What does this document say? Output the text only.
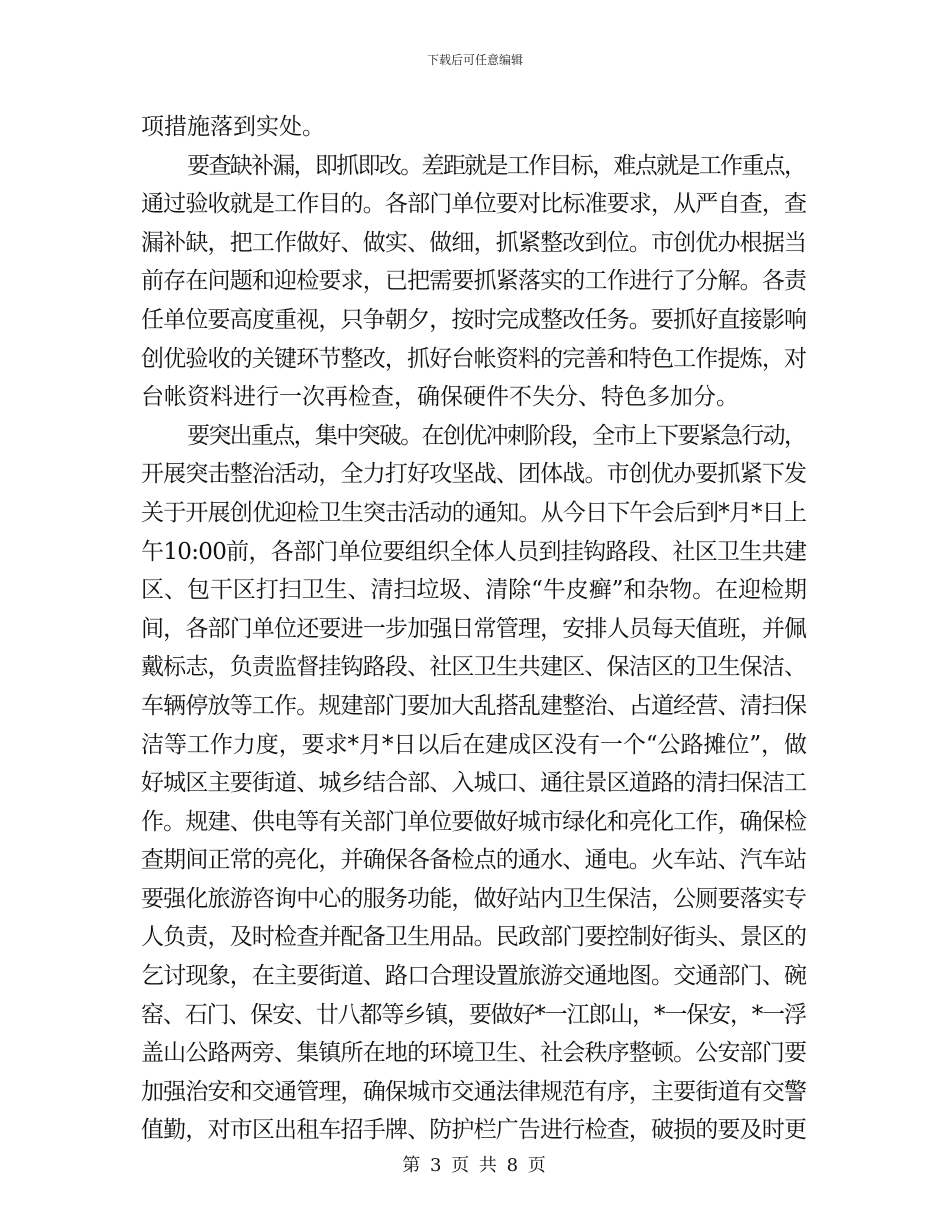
下载后可任意编辑
项措施落到实处。
要查缺补漏，即抓即改。差距就是工作目标，难点就是工作重点，
通过验收就是工作目的。各部门单位要对比标准要求，从严自查，查
漏补缺，把工作做好、做实、做细，抓紧整改到位。市创优办根据当
前存在问题和迎检要求，已把需要抓紧落实的工作进行了分解。各责
任单位要高度重视，只争朝夕，按时完成整改任务。要抓好直接影响
创优验收的关键环节整改，抓好台帐资料的完善和特色工作提炼，对
台帐资料进行一次再检查，确保硬件不失分、特色多加分。
要突出重点，集中突破。在创优冲刺阶段，全市上下要紧急行动，
开展突击整治活动，全力打好攻坚战、团体战。市创优办要抓紧下发
关于开展创优迎检卫生突击活动的通知。从今日下午会后到*月*日上
午10:00前，各部门单位要组织全体人员到挂钩路段、社区卫生共建
区、包干区打扫卫生、清扫垃圾、清除“牛皮癣”和杂物。在迎检期
间，各部门单位还要进一步加强日常管理，安排人员每天值班，并佩
戴标志，负责监督挂钩路段、社区卫生共建区、保洁区的卫生保洁、
车辆停放等工作。规建部门要加大乱搭乱建整治、占道经营、清扫保
洁等工作力度，要求*月*日以后在建成区没有一个“公路摊位”，做
好城区主要街道、城乡结合部、入城口、通往景区道路的清扫保洁工
作。规建、供电等有关部门单位要做好城市绿化和亮化工作，确保检
查期间正常的亮化，并确保各备检点的通水、通电。火车站、汽车站
要强化旅游咨询中心的服务功能，做好站内卫生保洁，公厕要落实专
人负责，及时检查并配备卫生用品。民政部门要控制好街头、景区的
乞讨现象，在主要街道、路口合理设置旅游交通地图。交通部门、碗
窑、石门、保安、廿八都等乡镇，要做好*一江郎山，*一保安，*一浮
盖山公路两旁、集镇所在地的环境卫生、社会秩序整顿。公安部门要
加强治安和交通管理，确保城市交通法律规范有序，主要街道有交警
值勤，对市区出租车招手牌、防护栏广告进行检查，破损的要及时更
第 3 页 共 8 页
